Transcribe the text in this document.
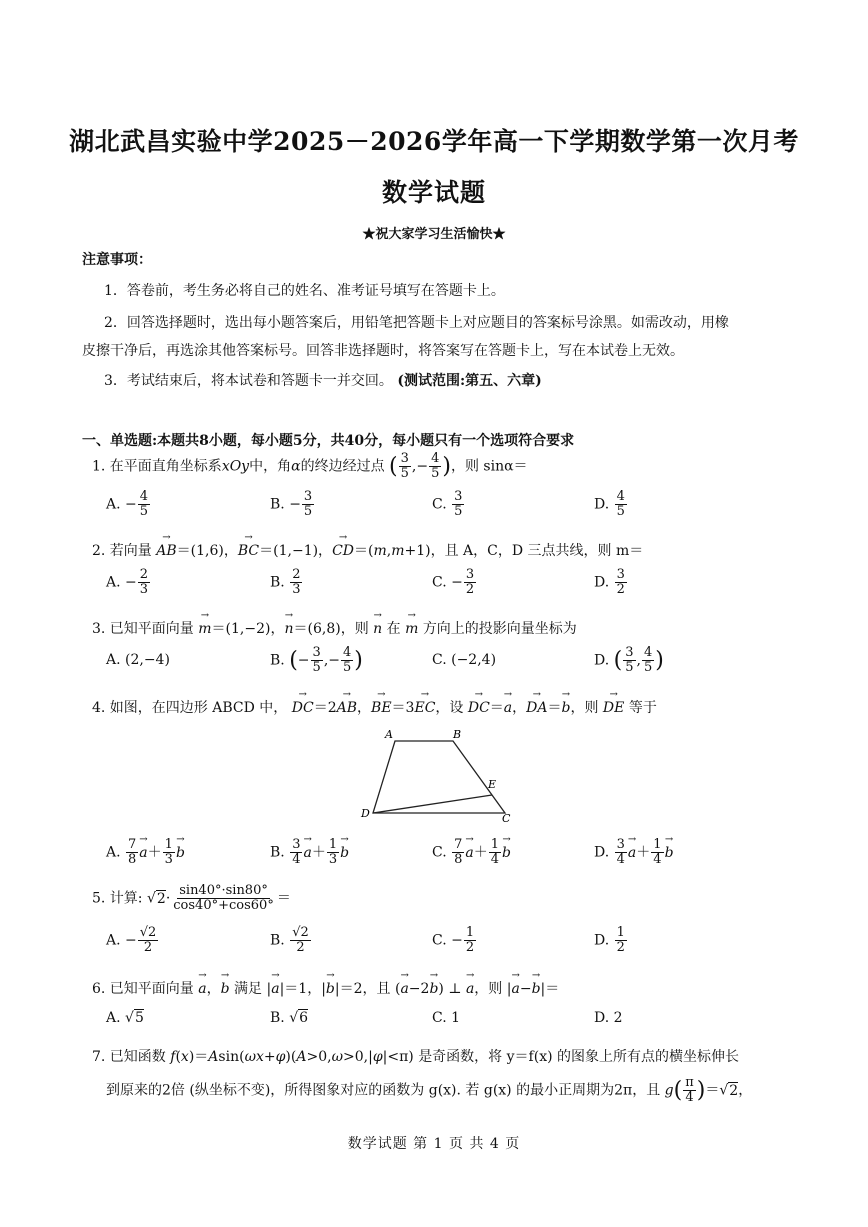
湖北武昌实验中学2025－2026学年高一下学期数学第一次月考
数学试题
★祝大家学习生活愉快★
注意事项：
1．答卷前，考生务必将自己的姓名、准考证号填写在答题卡上。
2．回答选择题时，选出每小题答案后，用铅笔把答题卡上对应题目的答案标号涂黑。如需改动，用橡
皮擦干净后，再选涂其他答案标号。回答非选择题时，将答案写在答题卡上，写在本试卷上无效。
3．考试结束后，将本试卷和答题卡一并交回。 (测试范围:第五、六章)
一、单选题:本题共8小题，每小题5分，共40分，每小题只有一个选项符合要求
1. 在平面直角坐标系xOy中，角α的终边经过点 ( $\frac{3}{5}$ ,− $\frac{4}{5}$ )，则 sinα＝
A. − $\frac{4}{5}$	B. − $\frac{3}{5}$	C. $\frac{3}{5}$	D. $\frac{4}{5}$
2. 若向量 → AB＝(1,6)，→ BC＝(1,−1)，→ CD＝(m,m+1)，且 A，C，D 三点共线，则 m＝
A. − $\frac{2}{3}$	B. $\frac{2}{3}$	C. − $\frac{3}{2}$	D. $\frac{3}{2}$
3. 已知平面向量 → m＝(1,−2)，→ n＝(6,8)，则 → n 在 → m 方向上的投影向量坐标为
A. (2,−4)	B. (− $\frac{3}{5}$ ,− $\frac{4}{5}$ )	C. (−2,4)	D. ( $\frac{3}{5}$ , $\frac{4}{5}$ )
4. 如图，在四边形 ABCD 中， → DC＝2→ AB，→ BE＝3→ EC，设 → DC＝→ a，→ DA＝→ b，则 → DE 等于
A	B
E
D	C
A. $\frac{7}{8}$
→ $a+ \frac{1}{3}$
→ b	B. $\frac{3}{4}$
→ $a+ \frac{1}{3}$
→ b	C. $\frac{7}{8}$
→ $a+ \frac{1}{4}$
→ b	D. $\frac{3}{4}$
→ $a+ \frac{1}{4}$
→ b
5. 计算: $√2\cdot \frac{\sin 40^\circ\cdot\sin 80^\circ}{\cos 40^\circ+\cos 60^\circ}$ ＝
A. − $\frac{√2}{2}$	B. $\frac{√2}{2}$	C. − $\frac{1}{2}$	D. $\frac{1}{2}$
6. 已知平面向量 → a，→ b 满足 |→ a|＝1，|→ b|＝2，且 (→ a−2→ b) ⊥ → a，则 |→ a−→ b|＝
A. √5	B. √6	C. 1	D. 2
7. 已知函数 f(x)＝Asin(ωx+φ)(A>0,ω>0,|φ|<π) 是奇函数，将 y＝f(x) 的图象上所有点的横坐标伸长
到原来的2倍 (纵坐标不变)，所得图象对应的函数为 g(x). 若 g(x) 的最小正周期为2π，且 $g( \frac{\pi}{4} )=√2$，
数学试题 第 1 页 共 4 页
